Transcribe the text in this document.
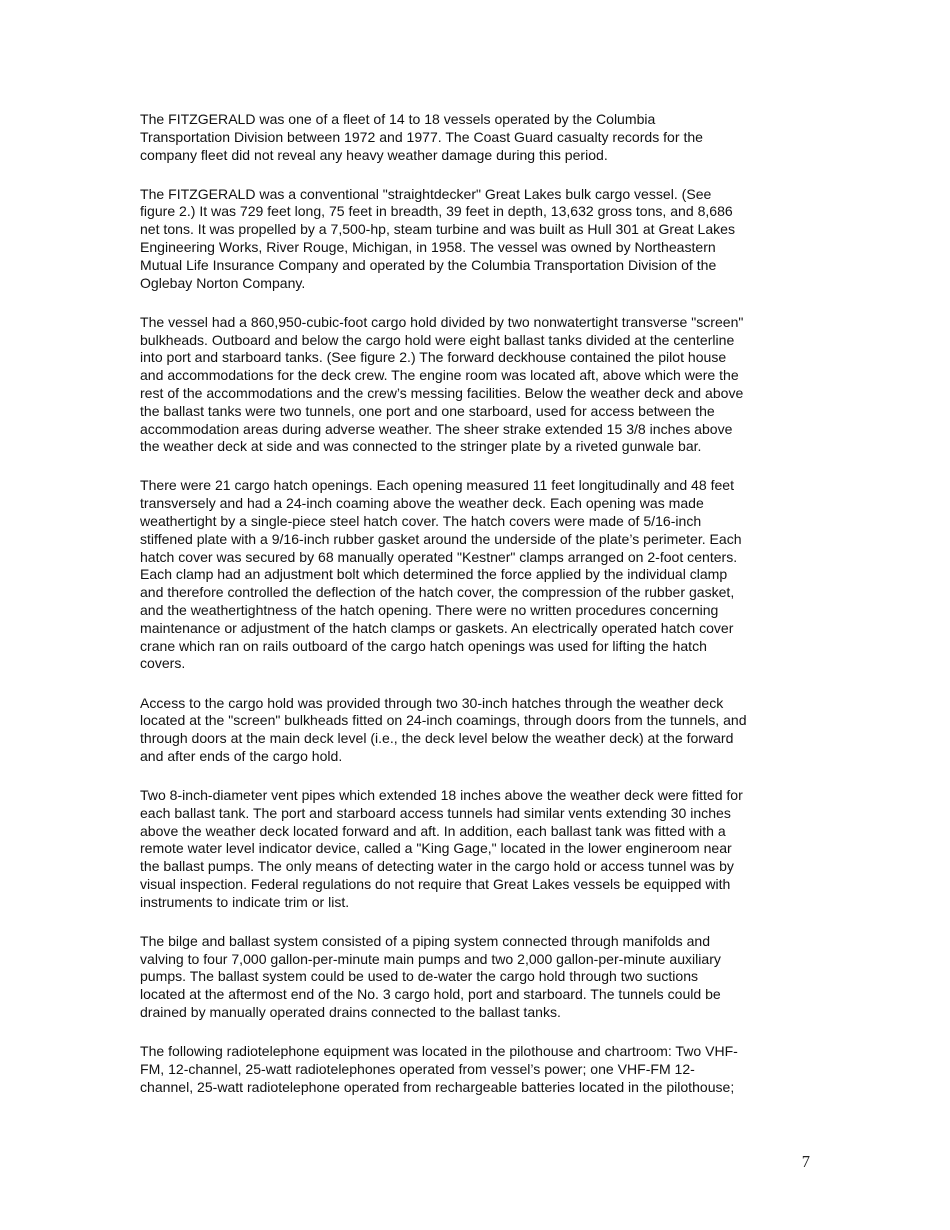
The FITZGERALD was one of a fleet of 14 to 18 vessels operated by the Columbia
Transportation Division between 1972 and 1977. The Coast Guard casualty records for the
company fleet did not reveal any heavy weather damage during this period.

The FITZGERALD was a conventional "straightdecker" Great Lakes bulk cargo vessel. (See
figure 2.) It was 729 feet long, 75 feet in breadth, 39 feet in depth, 13,632 gross tons, and 8,686
net tons. It was propelled by a 7,500-hp, steam turbine and was built as Hull 301 at Great Lakes
Engineering Works, River Rouge, Michigan, in 1958. The vessel was owned by Northeastern
Mutual Life Insurance Company and operated by the Columbia Transportation Division of the
Oglebay Norton Company.

The vessel had a 860,950-cubic-foot cargo hold divided by two nonwatertight transverse "screen"
bulkheads. Outboard and below the cargo hold were eight ballast tanks divided at the centerline
into port and starboard tanks. (See figure 2.) The forward deckhouse contained the pilot house
and accommodations for the deck crew. The engine room was located aft, above which were the
rest of the accommodations and the crew’s messing facilities. Below the weather deck and above
the ballast tanks were two tunnels, one port and one starboard, used for access between the
accommodation areas during adverse weather. The sheer strake extended 15 3/8 inches above
the weather deck at side and was connected to the stringer plate by a riveted gunwale bar.

There were 21 cargo hatch openings. Each opening measured 11 feet longitudinally and 48 feet
transversely and had a 24-inch coaming above the weather deck. Each opening was made
weathertight by a single-piece steel hatch cover. The hatch covers were made of 5/16-inch
stiffened plate with a 9/16-inch rubber gasket around the underside of the plate’s perimeter. Each
hatch cover was secured by 68 manually operated "Kestner" clamps arranged on 2-foot centers.
Each clamp had an adjustment bolt which determined the force applied by the individual clamp
and therefore controlled the deflection of the hatch cover, the compression of the rubber gasket,
and the weathertightness of the hatch opening. There were no written procedures concerning
maintenance or adjustment of the hatch clamps or gaskets. An electrically operated hatch cover
crane which ran on rails outboard of the cargo hatch openings was used for lifting the hatch
covers.

Access to the cargo hold was provided through two 30-inch hatches through the weather deck
located at the "screen" bulkheads fitted on 24-inch coamings, through doors from the tunnels, and
through doors at the main deck level (i.e., the deck level below the weather deck) at the forward
and after ends of the cargo hold.

Two 8-inch-diameter vent pipes which extended 18 inches above the weather deck were fitted for
each ballast tank. The port and starboard access tunnels had similar vents extending 30 inches
above the weather deck located forward and aft. In addition, each ballast tank was fitted with a
remote water level indicator device, called a "King Gage," located in the lower engineroom near
the ballast pumps. The only means of detecting water in the cargo hold or access tunnel was by
visual inspection. Federal regulations do not require that Great Lakes vessels be equipped with
instruments to indicate trim or list.

The bilge and ballast system consisted of a piping system connected through manifolds and
valving to four 7,000 gallon-per-minute main pumps and two 2,000 gallon-per-minute auxiliary
pumps. The ballast system could be used to de-water the cargo hold through two suctions
located at the aftermost end of the No. 3 cargo hold, port and starboard. The tunnels could be
drained by manually operated drains connected to the ballast tanks.

The following radiotelephone equipment was located in the pilothouse and chartroom: Two VHF-
FM, 12-channel, 25-watt radiotelephones operated from vessel’s power; one VHF-FM 12-
channel, 25-watt radiotelephone operated from rechargeable batteries located in the pilothouse;

7
